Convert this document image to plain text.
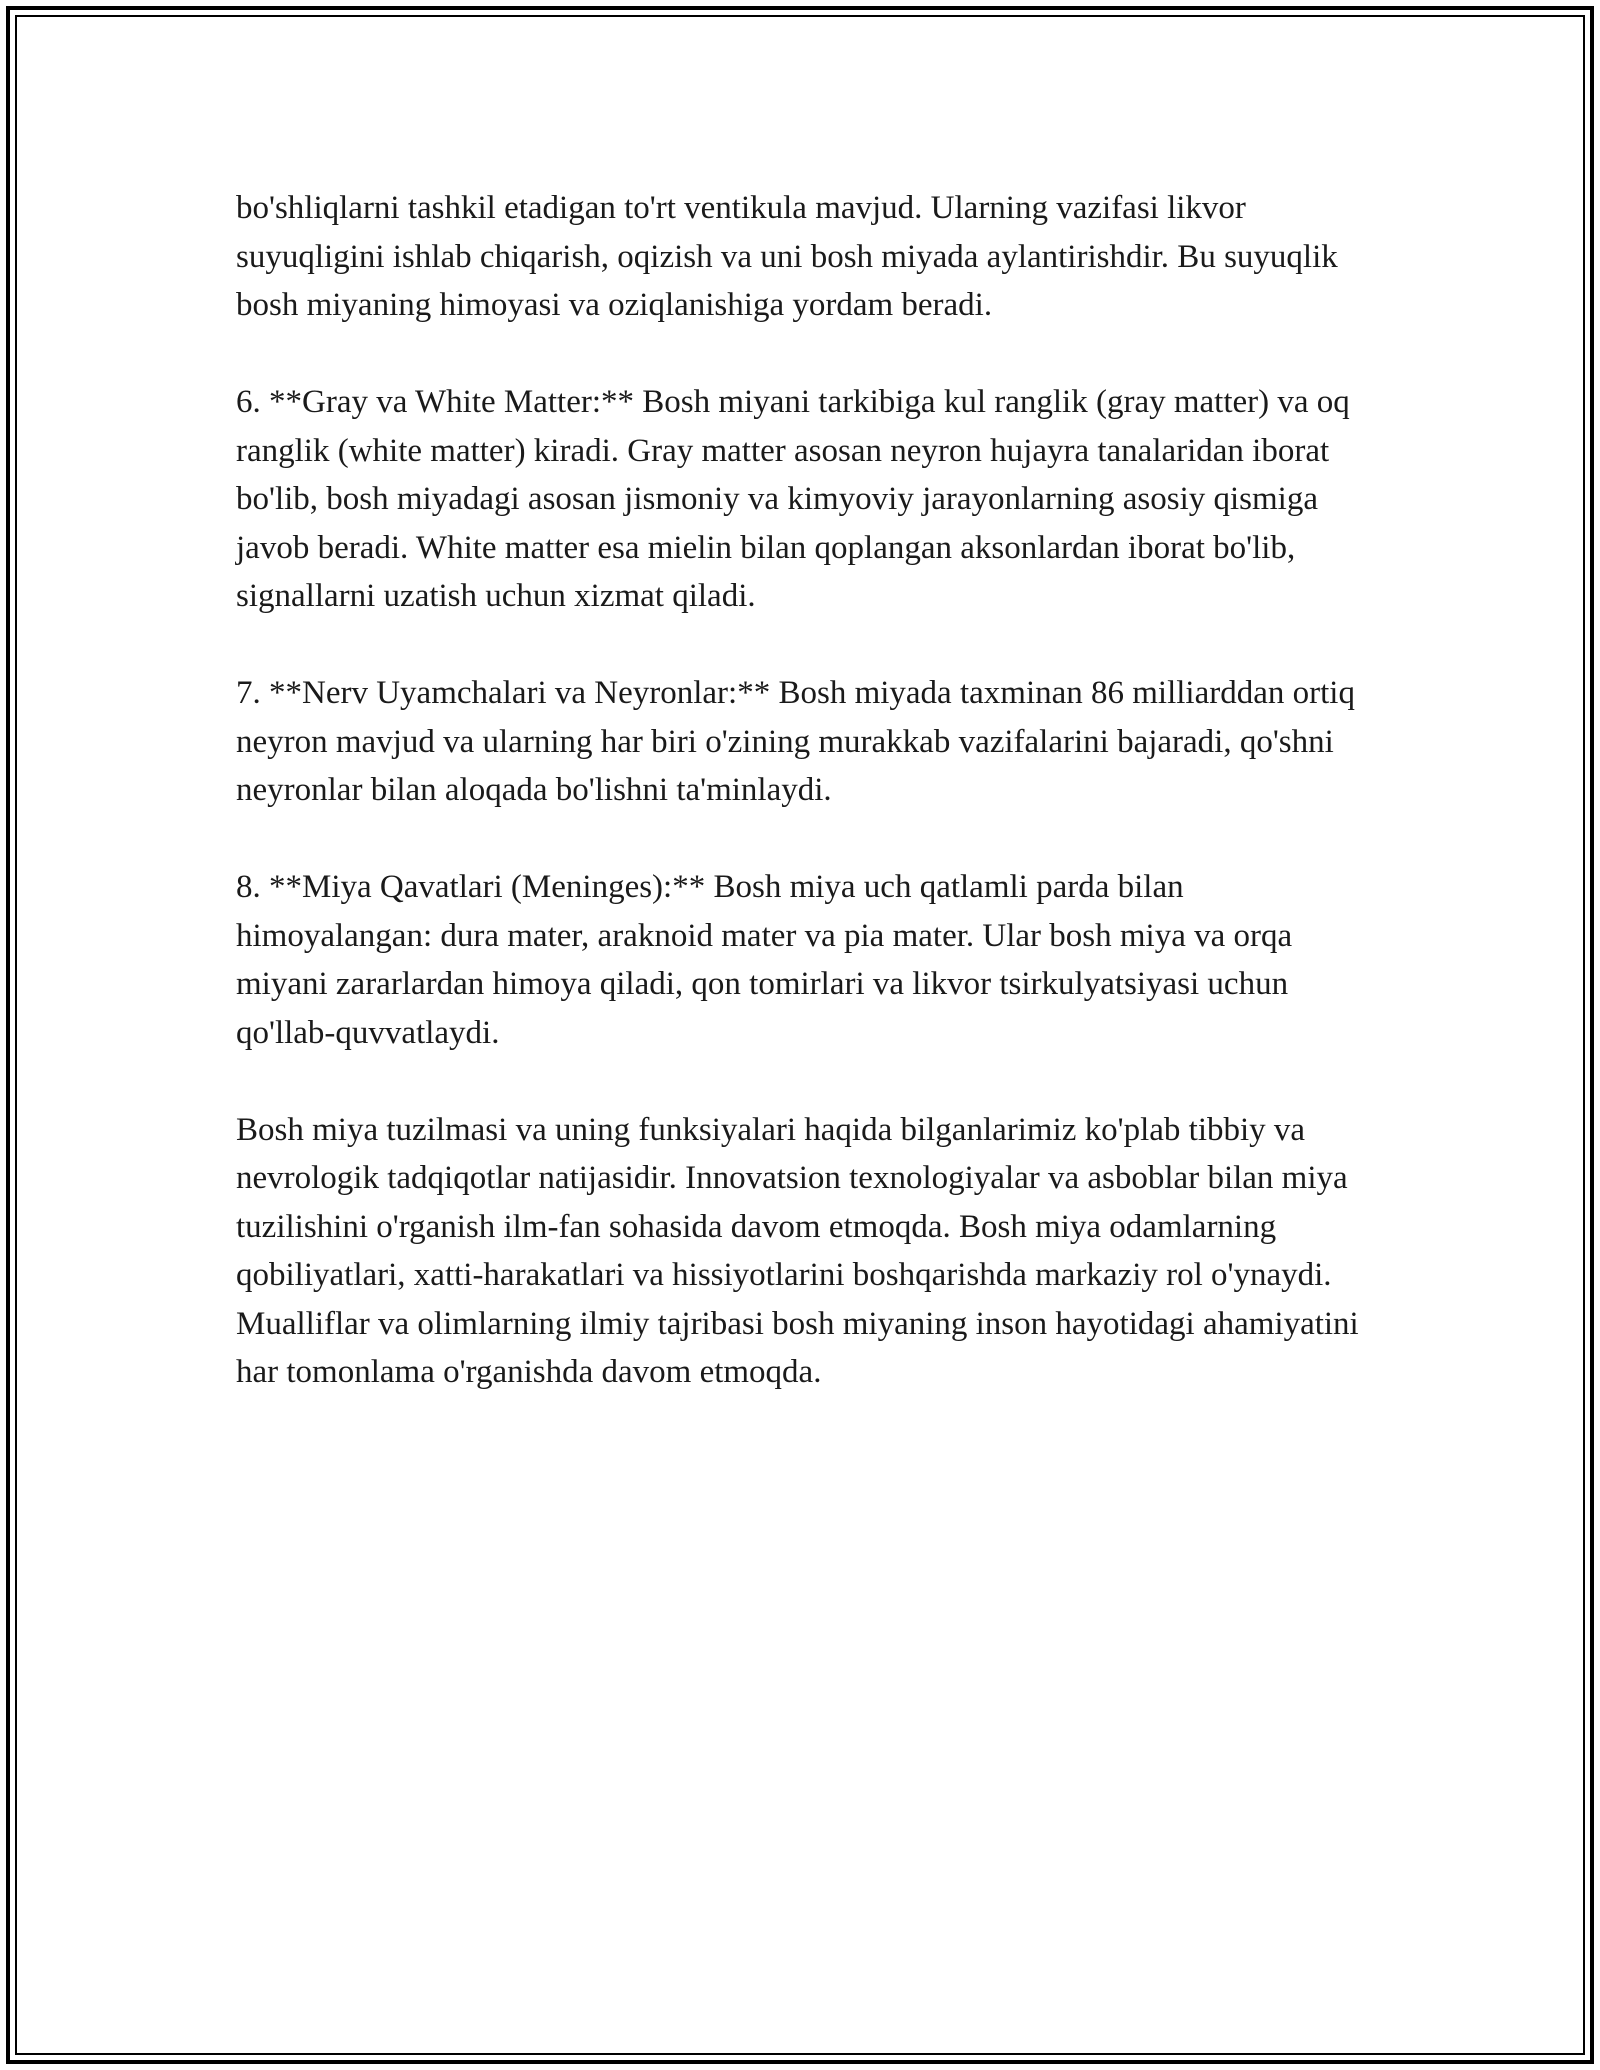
bo'shliqlarni tashkil etadigan to'rt ventikula mavjud. Ularning vazifasi likvor suyuqligini ishlab chiqarish, oqizish va uni bosh miyada aylantirishdir. Bu suyuqlik bosh miyaning himoyasi va oziqlanishiga yordam beradi.

6. **Gray va White Matter:** Bosh miyani tarkibiga kul ranglik (gray matter) va oq ranglik (white matter) kiradi. Gray matter asosan neyron hujayra tanalaridan iborat bo'lib, bosh miyadagi asosan jismoniy va kimyoviy jarayonlarning asosiy qismiga javob beradi. White matter esa mielin bilan qoplangan aksonlardan iborat bo'lib, signallarni uzatish uchun xizmat qiladi.

7. **Nerv Uyamchalari va Neyronlar:** Bosh miyada taxminan 86 milliarddan ortiq neyron mavjud va ularning har biri o'zining murakkab vazifalarini bajaradi, qo'shni neyronlar bilan aloqada bo'lishni ta'minlaydi.

8. **Miya Qavatlari (Meninges):** Bosh miya uch qatlamli parda bilan himoyalangan: dura mater, araknoid mater va pia mater. Ular bosh miya va orqa miyani zararlardan himoya qiladi, qon tomirlari va likvor tsirkulyatsiyasi uchun qo'llab-quvvatlaydi.

Bosh miya tuzilmasi va uning funksiyalari haqida bilganlarimiz ko'plab tibbiy va nevrologik tadqiqotlar natijasidir. Innovatsion texnologiyalar va asboblar bilan miya tuzilishini o'rganish ilm-fan sohasida davom etmoqda. Bosh miya odamlarning qobiliyatlari, xatti-harakatlari va hissiyotlarini boshqarishda markaziy rol o'ynaydi. Mualliflar va olimlarning ilmiy tajribasi bosh miyaning inson hayotidagi ahamiyatini har tomonlama o'rganishda davom etmoqda.
